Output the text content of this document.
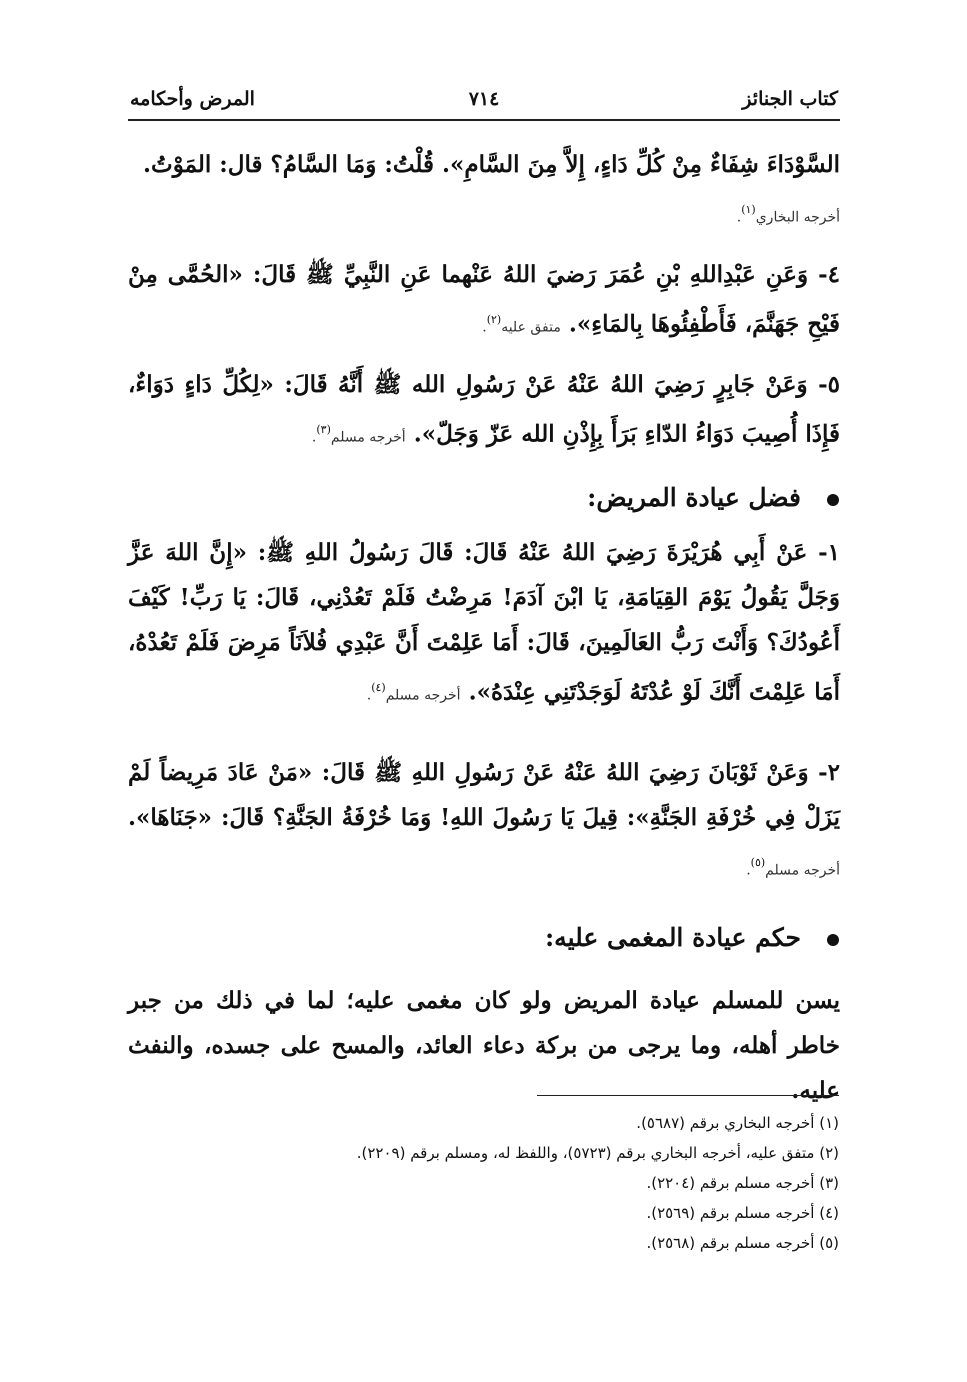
كتاب الجنائز
٧١٤
المرض وأحكامه
السَّوْدَاءَ شِفَاءٌ مِنْ كُلِّ دَاءٍ، إِلاَّ مِنَ السَّامِ». قُلْتُ: وَمَا السَّامُ؟ قال: المَوْتُ.
أخرجه البخاري$^{(١)}$.
٤- وَعَنِ عَبْدِاللهِ بْنِ عُمَرَ رَضيَ اللهُ عَنْهما عَنِ النَّبِيِّ ﷺ قَالَ: «الحُمَّى مِنْ فَيْحِ جَهَنَّمَ، فَأَطْفِئُوهَا بِالمَاءِ». متفق عليه$^{(٢)}$.
٥- وَعَنْ جَابِرٍ رَضِيَ اللهُ عَنْهُ عَنْ رَسُولِ الله ﷺ أَنَّهُ قَالَ: «لِكُلِّ دَاءٍ دَوَاءٌ، فَإِذَا أُصِيبَ دَوَاءُ الدّاءِ بَرَأَ بِإِذْنِ الله عَزّ وَجَلّ». أخرجه مسلم$^{(٣)}$.
فضل عيادة المريض:
١- عَنْ أَبِي هُرَيْرَةَ رَضِيَ اللهُ عَنْهُ قَالَ: قَالَ رَسُولُ اللهِ ﷺ: «إِنَّ اللهَ عَزَّ وَجَلَّ يَقُولُ يَوْمَ القِيَامَةِ، يَا ابْنَ آدَمَ! مَرِضْتُ فَلَمْ تَعُدْنِي، قَالَ: يَا رَبِّ! كَيْفَ أَعُودُكَ؟ وَأَنْتَ رَبُّ العَالَمِينَ، قَالَ: أَمَا عَلِمْتَ أَنَّ عَبْدِي فُلاَنَاً مَرِضَ فَلَمْ تَعُدْهُ، أَمَا عَلِمْتَ أَنَّكَ لَوْ عُدْتَهُ لَوَجَدْتَنِي عِنْدَهُ». أخرجه مسلم$^{(٤)}$.
٢- وَعَنْ ثَوْبَانَ رَضِيَ اللهُ عَنْهُ عَنْ رَسُولِ اللهِ ﷺ قَالَ: «مَنْ عَادَ مَرِيضاً لَمْ يَزَلْ فِي خُرْفَةِ الجَنَّةِ»: قِيلَ يَا رَسُولَ اللهِ! وَمَا خُرْفَةُ الجَنَّةِ؟ قَالَ: «جَنَاهَا». أخرجه مسلم$^{(٥)}$.
حكم عيادة المغمى عليه:
يسن للمسلم عيادة المريض ولو كان مغمى عليه؛ لما في ذلك من جبر خاطر أهله، وما يرجى من بركة دعاء العائد، والمسح على جسده، والنفث عليه.
(١) أخرجه البخاري برقم (٥٦٨٧).
(٢) متفق عليه، أخرجه البخاري برقم (٥٧٢٣)، واللفظ له، ومسلم برقم (٢٢٠٩).
(٣) أخرجه مسلم برقم (٢٢٠٤).
(٤) أخرجه مسلم برقم (٢٥٦٩).
(٥) أخرجه مسلم برقم (٢٥٦٨).
